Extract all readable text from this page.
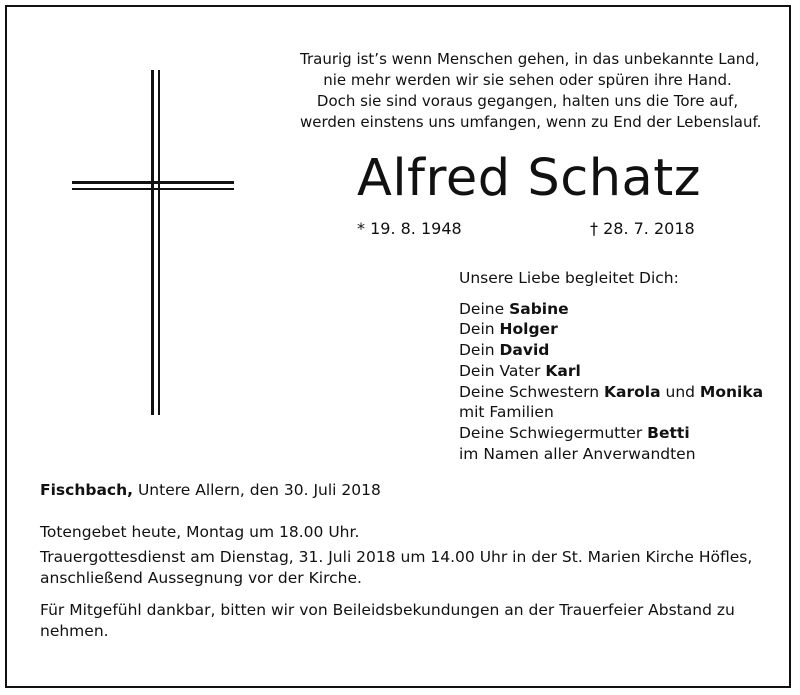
Traurig ist’s wenn Menschen gehen, in das unbekannte Land,
nie mehr werden wir sie sehen oder spüren ihre Hand.
Doch sie sind voraus gegangen, halten uns die Tore auf,
werden einstens uns umfangen, wenn zu End der Lebenslauf.
Alfred Schatz
* 19. 8. 1948	† 28. 7. 2018
Unsere Liebe begleitet Dich:
Deine Sabine
Dein Holger
Dein David
Dein Vater Karl
Deine Schwestern Karola und Monika
mit Familien
Deine Schwiegermutter Betti
im Namen aller Anverwandten
Fischbach, Untere Allern, den 30. Juli 2018
Totengebet heute, Montag um 18.00 Uhr.
Trauergottesdienst am Dienstag, 31. Juli 2018 um 14.00 Uhr in der St. Marien Kirche Höfles, anschließend Aussegnung vor der Kirche.
Für Mitgefühl dankbar, bitten wir von Beileidsbekundungen an der Trauerfeier Abstand zu nehmen.
